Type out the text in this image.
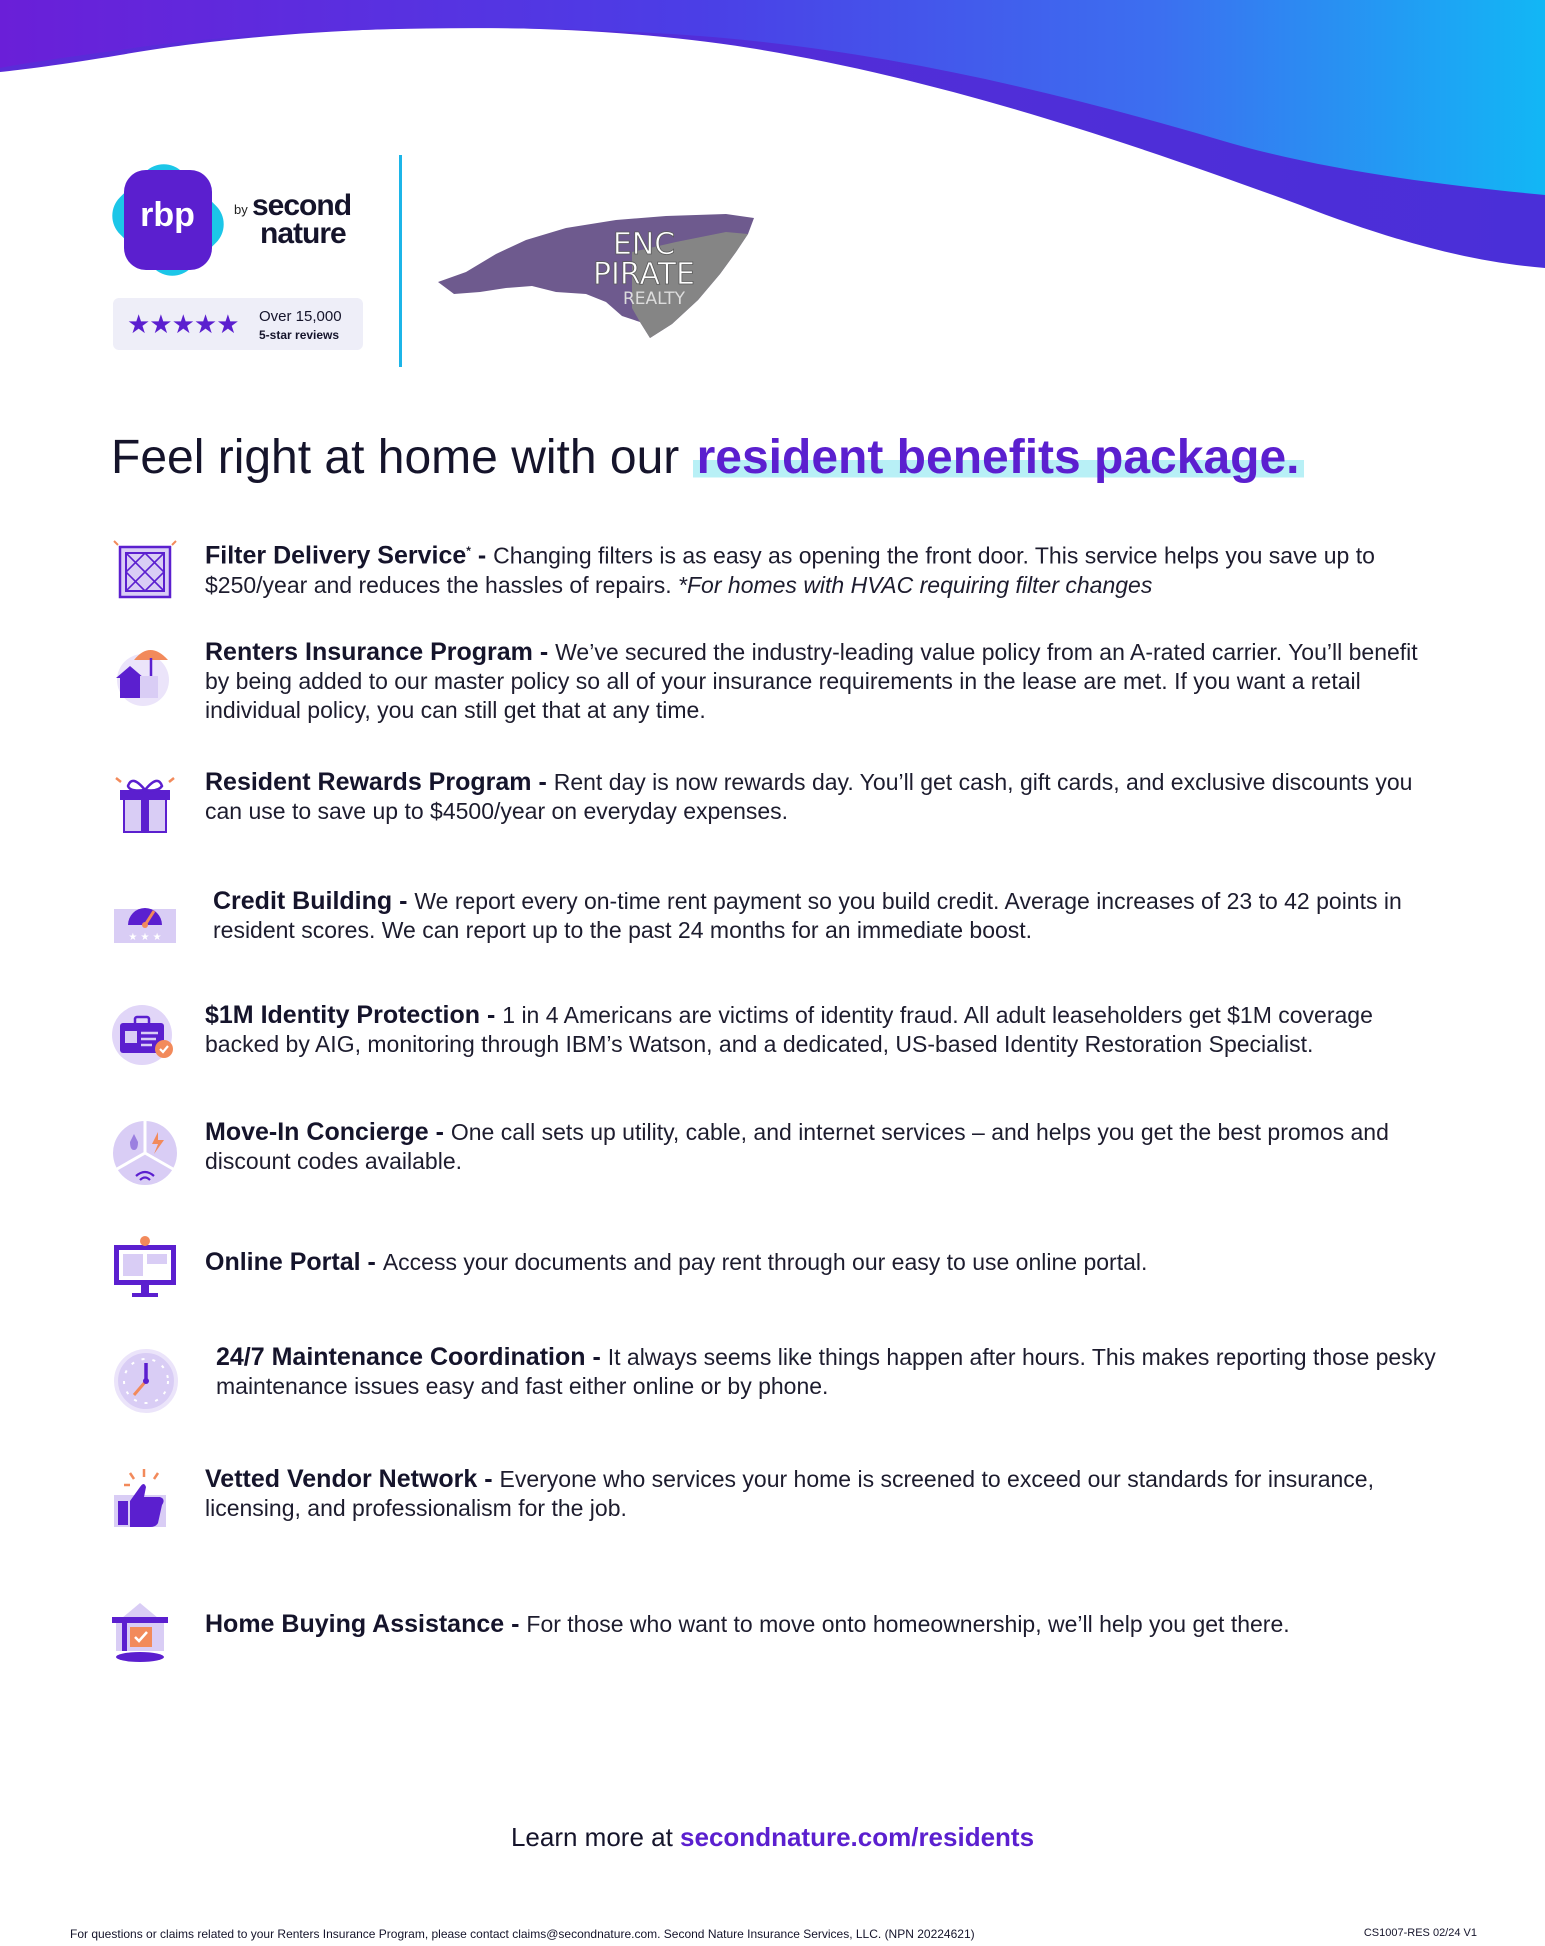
rbp	by second
nature
★★★★★ Over 15,000
5-star reviews
ENC
PIRATE
REALTY
Feel right at home with our resident benefits package.
Filter Delivery Service* - Changing filters is as easy as opening the front door. This service helps you save up to $250/year and reduces the hassles of repairs. *For homes with HVAC requiring filter changes
Renters Insurance Program - We’ve secured the industry-leading value policy from an A-rated carrier. You’ll benefit by being added to our master policy so all of your insurance requirements in the lease are met. If you want a retail individual policy, you can still get that at any time.
Resident Rewards Program - Rent day is now rewards day. You’ll get cash, gift cards, and exclusive discounts you can use to save up to $4500/year on everyday expenses.
★ ★ ★
Credit Building - We report every on-time rent payment so you build credit. Average increases of 23 to 42 points in resident scores. We can report up to the past 24 months for an immediate boost.
$1M Identity Protection - 1 in 4 Americans are victims of identity fraud. All adult leaseholders get $1M coverage backed by AIG, monitoring through IBM’s Watson, and a dedicated, US-based Identity Restoration Specialist.
Move-In Concierge - One call sets up utility, cable, and internet services – and helps you get the best promos and discount codes available.
Online Portal - Access your documents and pay rent through our easy to use online portal.
24/7 Maintenance Coordination - It always seems like things happen after hours. This makes reporting those pesky maintenance issues easy and fast either online or by phone.
Vetted Vendor Network - Everyone who services your home is screened to exceed our standards for insurance, licensing, and professionalism for the job.
Home Buying Assistance - For those who want to move onto homeownership, we’ll help you get there.
Learn more at secondnature.com/residents
For questions or claims related to your Renters Insurance Program, please contact claims@secondnature.com. Second Nature Insurance Services, LLC. (NPN 20224621)	CS1007-RES 02/24 V1
